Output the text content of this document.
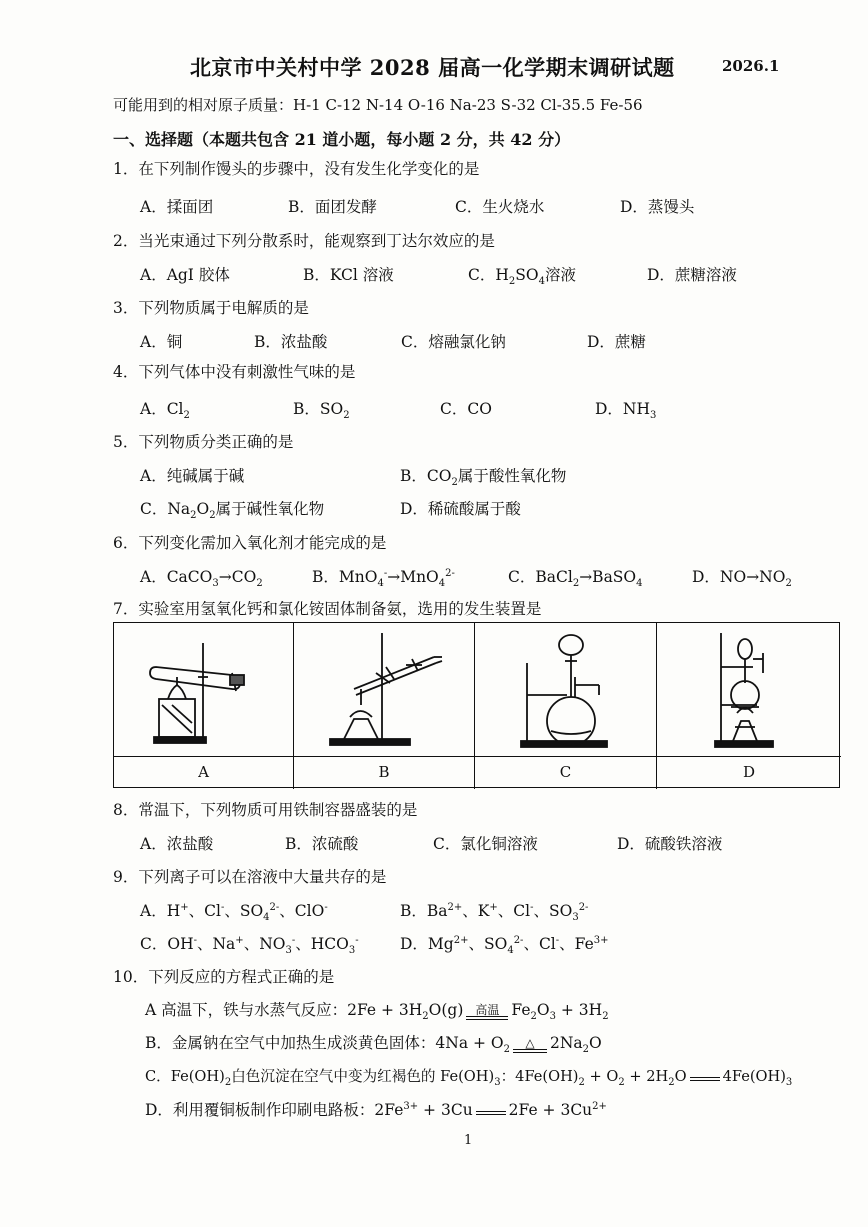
北京市中关村中学 2028 届高一化学期末调研试题	2026.1
可能用到的相对原子质量：H-1 C-12 N-14 O-16 Na-23 S-32 Cl-35.5 Fe-56
一、选择题（本题共包含 21 道小题，每小题 2 分，共 42 分）
1．在下列制作馒头的步骤中，没有发生化学变化的是
A．揉面团	B．面团发酵	C．生火烧水	D．蒸馒头
2．当光束通过下列分散系时，能观察到丁达尔效应的是
A．AgI 胶体	B．KCl 溶液	C．$H_2SO_4$溶液	D．蔗糖溶液
3．下列物质属于电解质的是
A．铜	B．浓盐酸	C．熔融氯化钠	D．蔗糖
4．下列气体中没有刺激性气味的是
A．$Cl_2$	B．$SO_2$	C．CO	D．$NH_3$
5．下列物质分类正确的是
A．纯碱属于碱	B．$CO_2$属于酸性氧化物
C．$Na_2O_2$属于碱性氧化物	D．稀硫酸属于酸
6．下列变化需加入氧化剂才能完成的是
A．$CaCO_3\to CO_2$	B．MnO$_4$-→MnO$_4^{2-}$	C．BaCl$_2$→BaSO$_4$	D．$NO\to NO_2$
7．实验室用氢氧化钙和氯化铵固体制备氨，选用的发生装置是
A	B	C	D
8．常温下，下列物质可用铁制容器盛装的是
A．浓盐酸	B．浓硫酸	C．氯化铜溶液	D．硫酸铁溶液
9．下列离子可以在溶液中大量共存的是
A．H+、Cl-、$SO_4^{2-}$、ClO-	B．$Ba^{2+}$、K+、Cl-、$SO_3^{2-}$
C．OH-、Na+、$NO_3^-$、$HCO_3^-$	D．$Mg^{2+}$、$SO_4^{2-}$、Cl-、$Fe^{3+}$
10．下列反应的方程式正确的是
A 高温下，铁与水蒸气反应：$2Fe + 3H_2O(g)$ 高温 $Fe_2O_3 + 3H_2$
B．金属钠在空气中加热生成淡黄色固体：$4Na + O_2$	△ $2Na_2O$
C．$Fe(OH)_2$白色沉淀在空气中变为红褐色的 $Fe(OH)_3$：$4Fe(OH)_2 + O_2 + 2H_2O$ $4Fe(OH)_3$
D．利用覆铜板制作印刷电路板：$2Fe^{3+} + 3Cu$ $2Fe + 3Cu^{2+}$
1
